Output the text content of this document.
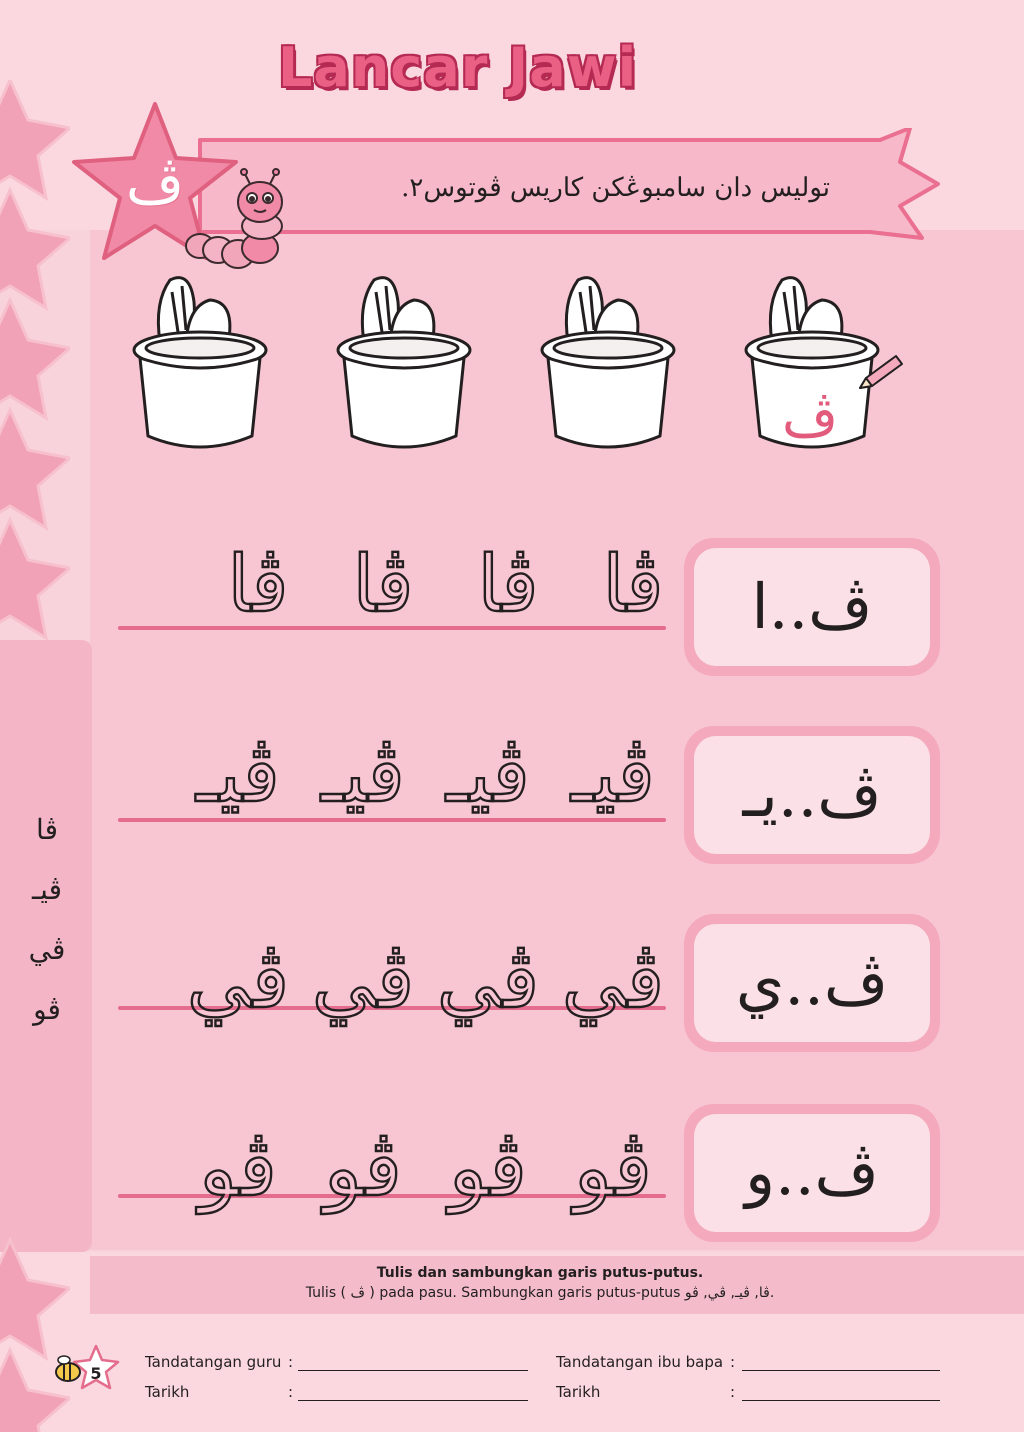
Lancar Jawi
توليس دان سامبوڠكن كاريس ڤوتوس٢.
ڤ
ڤ
ڤا ڤا ڤا ڤا	ڤ..ا
ڤيـ ڤيـ ڤيـ ڤيـ	ڤ..يـ
ڤي ڤي ڤي ڤي	ڤ..ي
ڤو ڤو ڤو ڤو	ڤ..و
ڤا
ڤيـ
ڤي
ڤو
Tulis dan sambungkan garis putus-putus.
Tulis ( ڤ ) pada pasu. Sambungkan garis putus-putus ڤا, ڤيـ, ڤي, ڤو.
5
Tandatangan guru :
Tarikh	:
Tandatangan ibu bapa :
Tarikh	:
